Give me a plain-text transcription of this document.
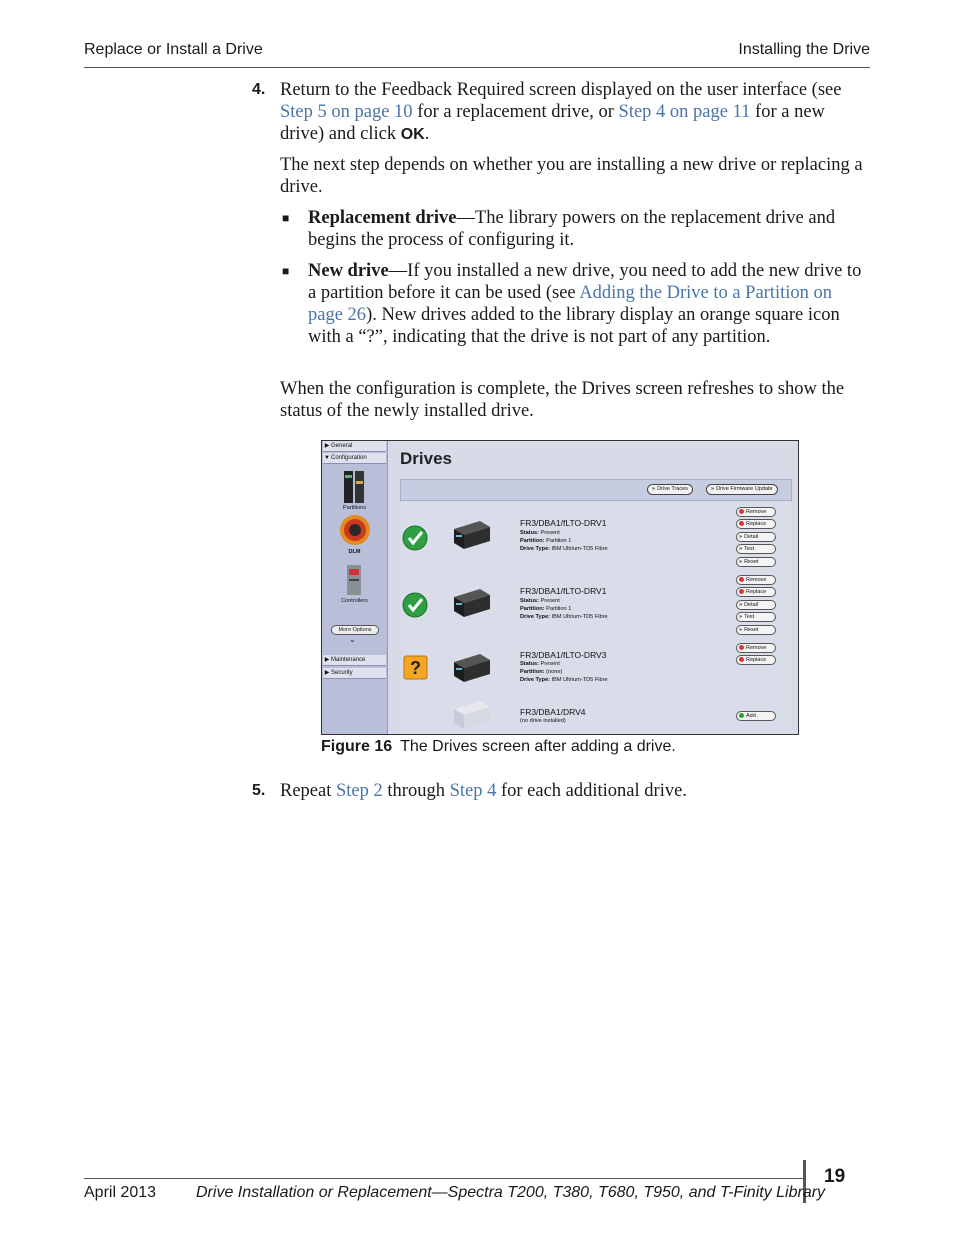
Replace or Install a Drive	Installing the Drive
4. Return to the Feedback Required screen displayed on the user interface (see Step 5 on page 10 for a replacement drive, or Step 4 on page 11 for a new drive) and click OK.

The next step depends on whether you are installing a new drive or replacing a drive.

■ Replacement drive—The library powers on the replacement drive and begins the process of configuring it.

■ New drive—If you installed a new drive, you need to add the new drive to a partition before it can be used (see Adding the Drive to a Partition on page 26). New drives added to the library display an orange square icon with a “?”, indicating that the drive is not part of any partition.

When the configuration is complete, the Drives screen refreshes to show the status of the newly installed drive.

▶ General
▼Configuration
Partitions
DLM
Controllers
More Options
⌄
▶ Maintenance
▶ Security
Drives
» Drive Traces	» Drive Firmware Update
FR3/DBA1/fLTO-DRV1
Status: Present
Partition: Partition 1
Drive Type: IBM Ultrium-TD5 Fibre
Remove
Replace
» Detail
» Test
» Reset
FR3/DBA1/fLTO-DRV1
Status: Present
Partition: Partition 1
Drive Type: IBM Ultrium-TD5 Fibre
Remove
Replace
» Detail
» Test
» Reset
?
FR3/DBA1/fLTO-DRV3
Status: Present
Partition: (none)
Drive Type: IBM Ultrium-TD5 Fibre
Remove
Replace
FR3/DBA1/DRV4
(no drive installed)
Add
Figure 16 The Drives screen after adding a drive.
5. Repeat Step 2 through Step 4 for each additional drive.

April 2013 Drive Installation or Replacement—Spectra T200, T380, T680, T950, and T-Finity Library
19
